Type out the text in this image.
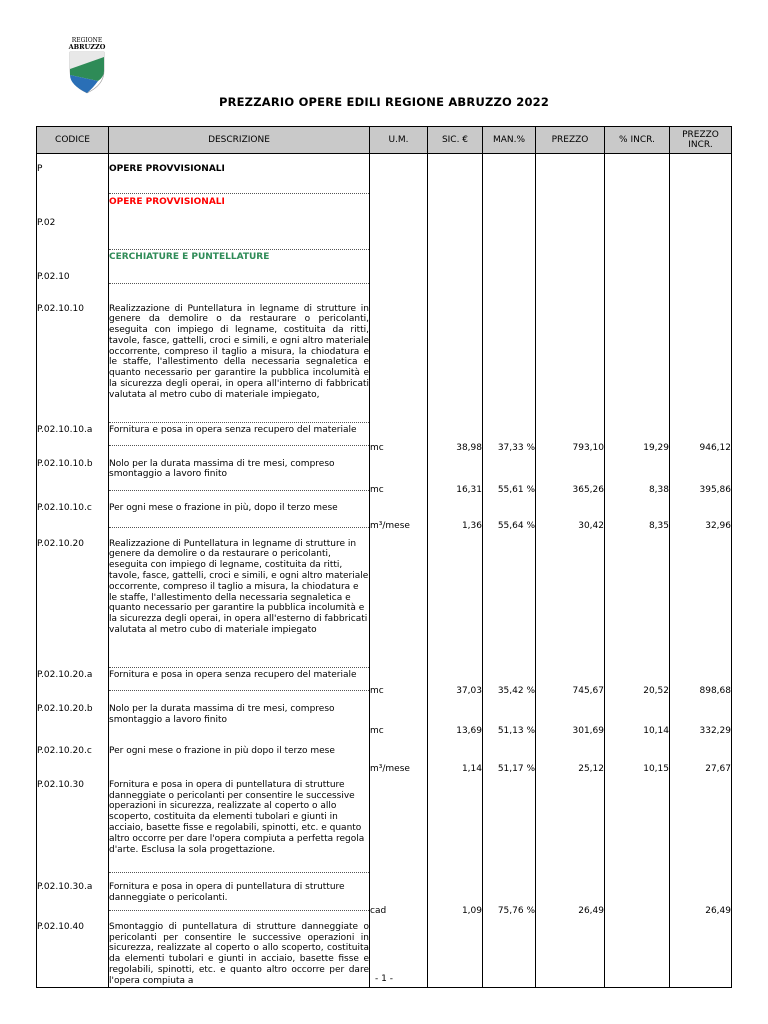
REGIONE
ABRUZZO
PREZZARIO OPERE EDILI REGIONE ABRUZZO 2022
CODICE	DESCRIZIONE	U.M.	SIC. €	MAN.%	PREZZO	% INCR.	PREZZO INCR.
P	OPERE PROVVISIONALI						

	OPERE PROVVISIONALI						

P.02							

	CERCHIATURE E PUNTELLATURE						

P.02.10	

P.02.10.10	Realizzazione di Puntellatura in legname di strutture in genere da demolire o da restaurare o pericolanti, eseguita con impiego di legname, costituita da ritti, tavole, fasce, gattelli, croci e simili, e ogni altro materiale occorrente, compreso il taglio a misura, la chiodatura e le staffe, l'allestimento della necessaria segnaletica e quanto necessario per garantire la pubblica incolumità e la sicurezza degli operai, in opera all'interno di fabbricati valutata al metro cubo di materiale impiegato,						

P.02.10.10.a	Fornitura e posa in opera senza recupero del materiale	mc	38,98	37,33 %	793,10	19,29	946,12
P.02.10.10.b	Nolo per la durata massima di tre mesi, compreso smontaggio a lavoro finito	mc	16,31	55,61 %	365,26	8,38	395,86
P.02.10.10.c	Per ogni mese o frazione in più, dopo il terzo mese	m³/mese	1,36	55,64 %	30,42	8,35	32,96
P.02.10.20	Realizzazione di Puntellatura in legname di strutture in genere da demolire o da restaurare o pericolanti, eseguita con impiego di legname, costituita da ritti, tavole, fasce, gattelli, croci e simili, e ogni altro materiale occorrente, compreso il taglio a misura, la chiodatura e le staffe, l'allestimento della necessaria segnaletica e quanto necessario per garantire la pubblica incolumità e la sicurezza degli operai, in opera all'esterno di fabbricati valutata al metro cubo di materiale impiegato						

P.02.10.20.a	Fornitura e posa in opera senza recupero del materiale	mc	37,03	35,42 %	745,67	20,52	898,68
P.02.10.20.b	Nolo per la durata massima di tre mesi, compreso smontaggio a lavoro finito	mc	13,69	51,13 %	301,69	10,14	332,29
P.02.10.20.c	Per ogni mese o frazione in più dopo il terzo mese	m³/mese	1,14	51,17 %	25,12	10,15	27,67
P.02.10.30	Fornitura e posa in opera di puntellatura di strutture danneggiate o pericolanti per consentire le successive operazioni in sicurezza, realizzate al coperto o allo scoperto, costituita da elementi tubolari e giunti in acciaio, basette fisse e regolabili, spinotti, etc. e quanto altro occorre per dare l'opera compiuta a perfetta regola d'arte. Esclusa la sola progettazione.						

P.02.10.30.a	Fornitura e posa in opera di puntellatura di strutture danneggiate o pericolanti.	cad	1,09	75,76 %	26,49		26,49
P.02.10.40	Smontaggio di puntellatura di strutture danneggiate o pericolanti per consentire le successive operazioni in sicurezza, realizzate al coperto o allo scoperto, costituita da elementi tubolari e giunti in acciaio, basette fisse e regolabili, spinotti, etc. e quanto altro occorre per dare l'opera compiuta a						
							- 1 -
